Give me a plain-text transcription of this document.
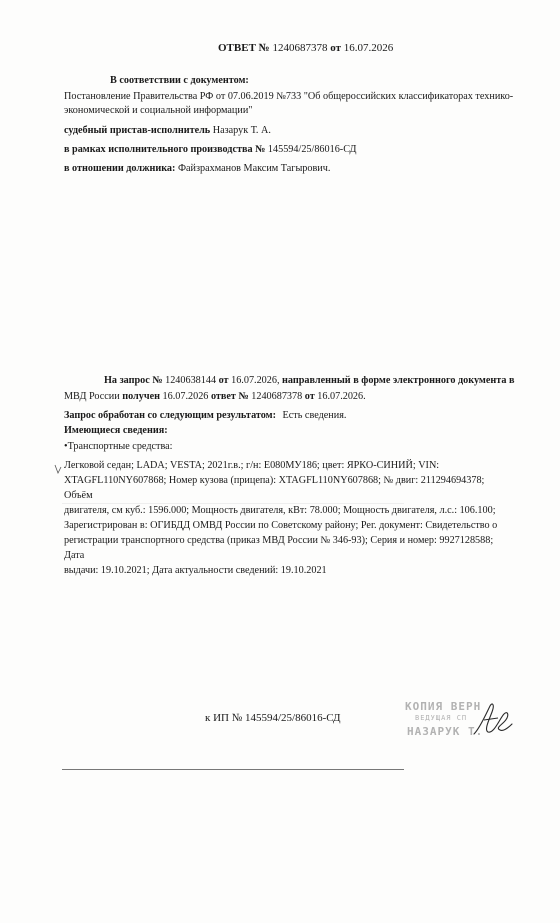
ОТВЕТ № 1240687378 от 16.07.2026
В соответствии с документом:
Постановление Правительства РФ от 07.06.2019 №733 "Об общероссийских классификаторах технико-
экономической и социальной информации"
судебный пристав-исполнитель Назарук Т. А.
в рамках исполнительного производства № 145594/25/86016-СД
в отношении должника: Файзрахманов Максим Тагырович.
На запрос № 1240638144 от 16.07.2026, направленный в форме электронного документа в
МВД России получен 16.07.2026 ответ № 1240687378 от 16.07.2026.
Запрос обработан со следующим результатом: Есть сведения.
Имеющиеся сведения:
•Транспортные средства:
Легковой седан; LADA; VESTA; 2021г.в.; г/н: Е080МУ186; цвет: ЯРКО-СИНИЙ; VIN:
XTAGFL110NY607868; Номер кузова (прицепа): XTAGFL110NY607868; № двиг: 211294694378; Объём
двигателя, см куб.: 1596.000; Мощность двигателя, кВт: 78.000; Мощность двигателя, л.с.: 106.100;
Зарегистрирован в: ОГИБДД ОМВД России по Советскому району; Рег. документ: Свидетельство о
регистрации транспортного средства (приказ МВД России № 346-93); Серия и номер: 9927128588; Дата
выдачи: 19.10.2021; Дата актуальности сведений: 19.10.2021
к ИП № 145594/25/86016-СД
КОПИЯ ВЕРН
ВЕДУЩАЯ СП
НАЗАРУК Т.
